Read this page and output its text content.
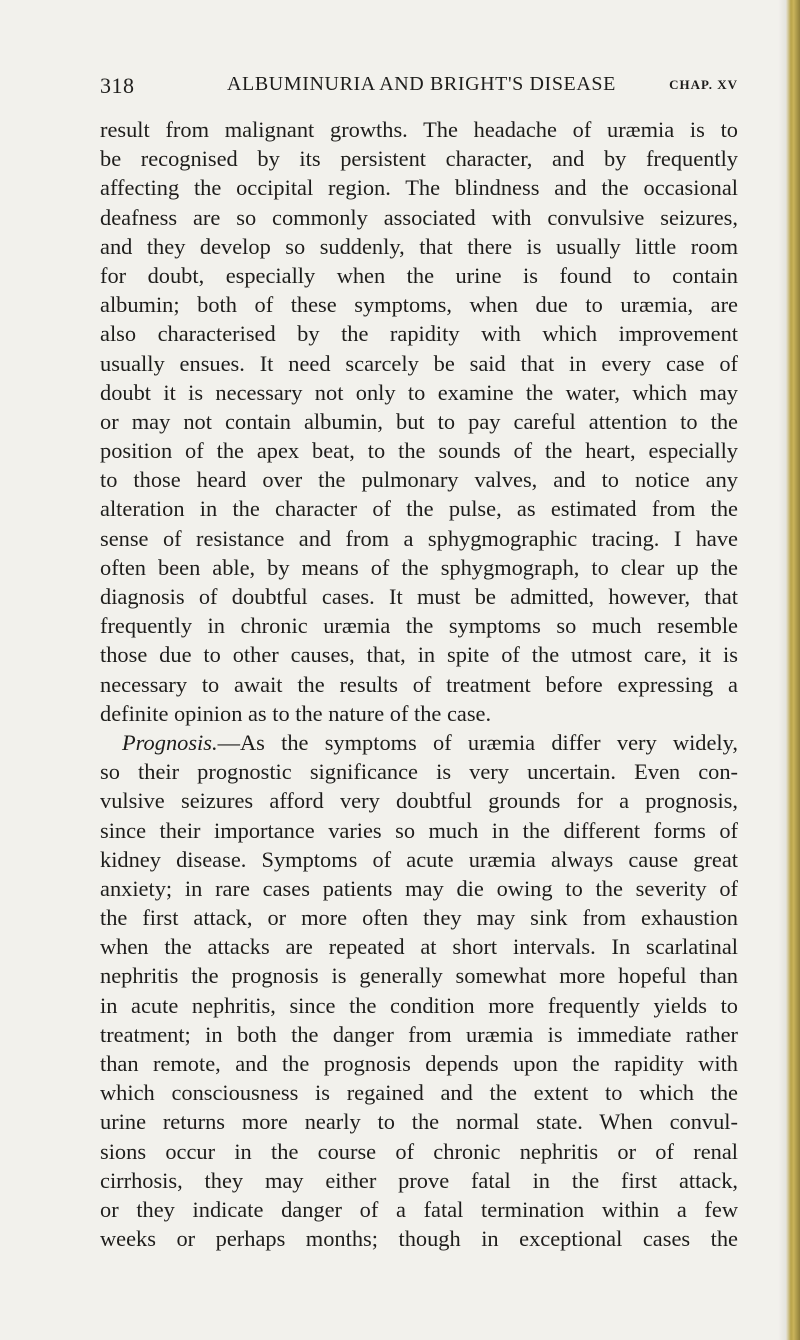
318	ALBUMINURIA AND BRIGHT'S DISEASE	CHAP. XV
result from malignant growths. The headache of uræmia is to
be recognised by its persistent character, and by frequently
affecting the occipital region. The blindness and the occasional
deafness are so commonly associated with convulsive seizures,
and they develop so suddenly, that there is usually little room
for doubt, especially when the urine is found to contain
albumin; both of these symptoms, when due to uræmia, are
also characterised by the rapidity with which improvement
usually ensues. It need scarcely be said that in every case of
doubt it is necessary not only to examine the water, which may
or may not contain albumin, but to pay careful attention to the
position of the apex beat, to the sounds of the heart, especially
to those heard over the pulmonary valves, and to notice any
alteration in the character of the pulse, as estimated from the
sense of resistance and from a sphygmographic tracing. I have
often been able, by means of the sphygmograph, to clear up the
diagnosis of doubtful cases. It must be admitted, however, that
frequently in chronic uræmia the symptoms so much resemble
those due to other causes, that, in spite of the utmost care, it is
necessary to await the results of treatment before expressing a
definite opinion as to the nature of the case.
Prognosis.—As the symptoms of uræmia differ very widely,
so their prognostic significance is very uncertain. Even con-
vulsive seizures afford very doubtful grounds for a prognosis,
since their importance varies so much in the different forms of
kidney disease. Symptoms of acute uræmia always cause great
anxiety; in rare cases patients may die owing to the severity of
the first attack, or more often they may sink from exhaustion
when the attacks are repeated at short intervals. In scarlatinal
nephritis the prognosis is generally somewhat more hopeful than
in acute nephritis, since the condition more frequently yields to
treatment; in both the danger from uræmia is immediate rather
than remote, and the prognosis depends upon the rapidity with
which consciousness is regained and the extent to which the
urine returns more nearly to the normal state. When convul-
sions occur in the course of chronic nephritis or of renal
cirrhosis, they may either prove fatal in the first attack,
or they indicate danger of a fatal termination within a few
weeks or perhaps months; though in exceptional cases the
